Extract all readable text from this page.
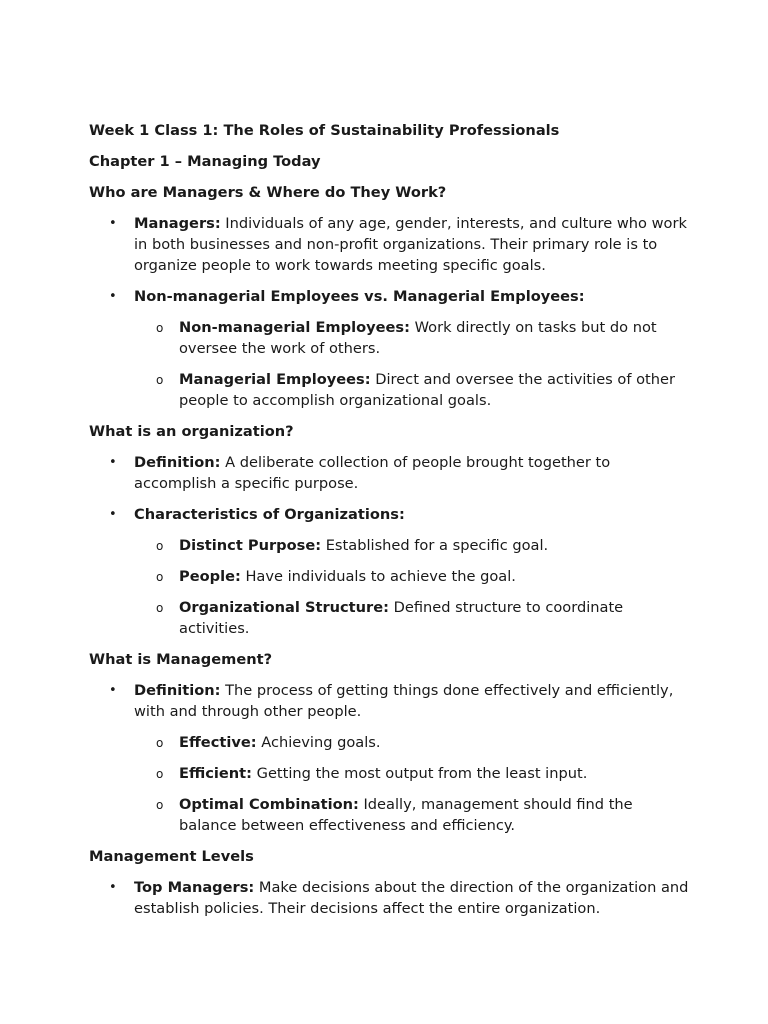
Week 1 Class 1: The Roles of Sustainability Professionals
Chapter 1 – Managing Today
Who are Managers & Where do They Work?
• Managers: Individuals of any age, gender, interests, and culture who work in both businesses and non-profit organizations. Their primary role is to organize people to work towards meeting specific goals.
• Non-managerial Employees vs. Managerial Employees:
o Non-managerial Employees: Work directly on tasks but do not oversee the work of others.
o Managerial Employees: Direct and oversee the activities of other people to accomplish organizational goals.
What is an organization?
• Definition: A deliberate collection of people brought together to accomplish a specific purpose.
• Characteristics of Organizations:
o Distinct Purpose: Established for a specific goal.
o People: Have individuals to achieve the goal.
o Organizational Structure: Defined structure to coordinate activities.
What is Management?
• Definition: The process of getting things done effectively and efficiently, with and through other people.
o Effective: Achieving goals.
o Efficient: Getting the most output from the least input.
o Optimal Combination: Ideally, management should find the balance between effectiveness and efficiency.
Management Levels
• Top Managers: Make decisions about the direction of the organization and establish policies. Their decisions affect the entire organization.
